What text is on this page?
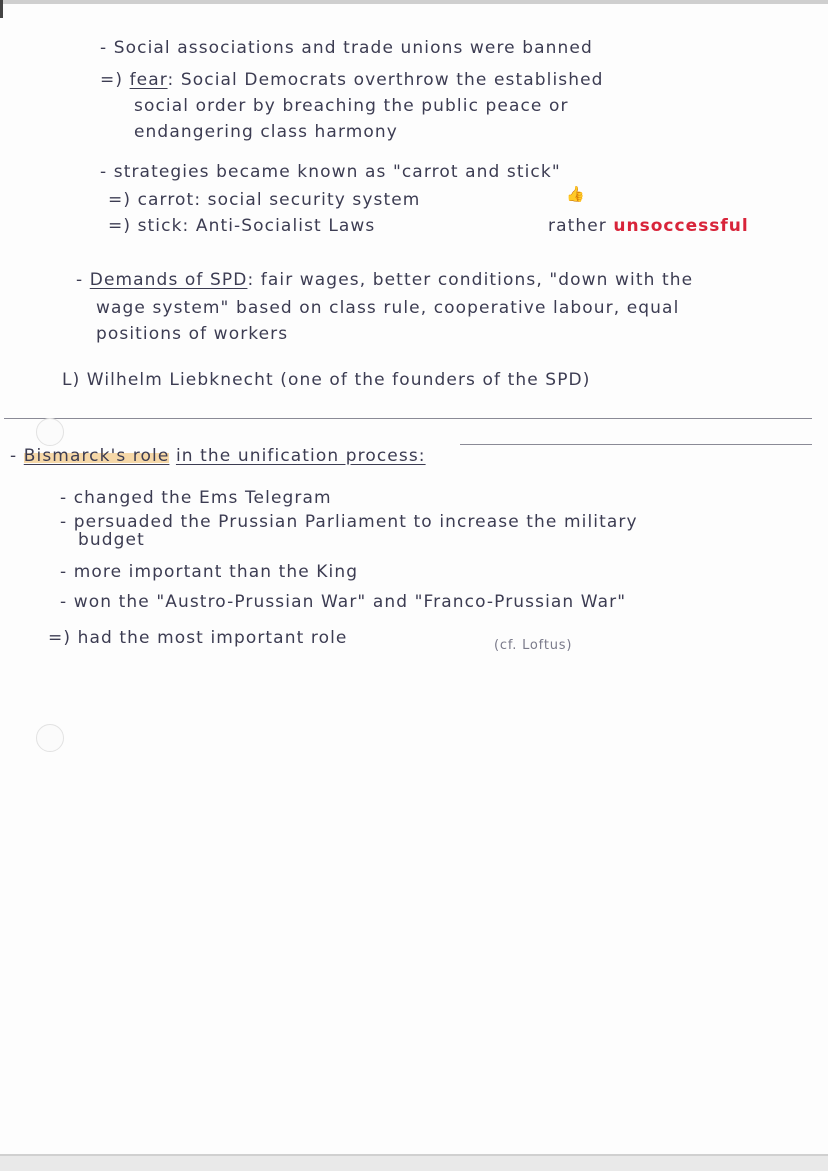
- Social associations and trade unions were banned
=) fear: Social Democrats overthrow the established
social order by breaching the public peace or
endangering class harmony
- strategies became known as "carrot and stick"
=) carrot: social security system	👍
=) stick: Anti-Socialist Laws	rather unsoccessful
- Demands of SPD: fair wages, better conditions, "down with the
wage system" based on class rule, cooperative labour, equal
positions of workers
L) Wilhelm Liebknecht (one of the founders of the SPD)
- Bismarck's role in the unification process:
- changed the Ems Telegram
- persuaded the Prussian Parliament to increase the military
budget
- more important than the King
- won the "Austro-Prussian War" and "Franco-Prussian War"
=) had the most important role	(cf. Loftus)
